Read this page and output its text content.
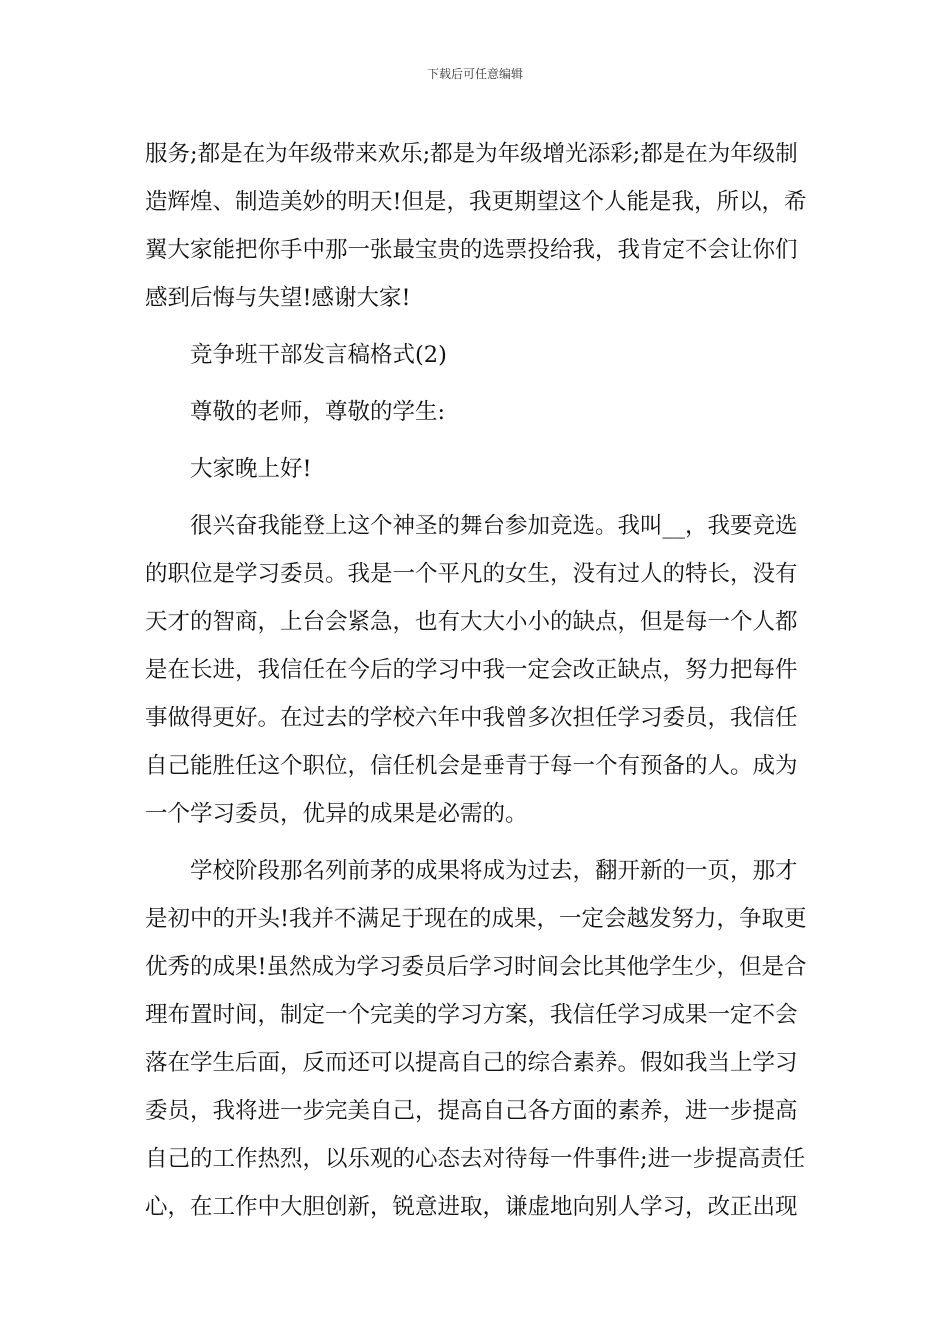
下载后可任意编辑
服务;都是在为年级带来欢乐;都是为年级增光添彩;都是在为年级制
造辉煌、制造美妙的明天!但是，我更期望这个人能是我，所以，希
翼大家能把你手中那一张最宝贵的选票投给我，我肯定不会让你们
感到后悔与失望!感谢大家!
竞争班干部发言稿格式(2)
尊敬的老师，尊敬的学生:
大家晚上好!
很兴奋我能登上这个神圣的舞台参加竞选。我叫__，我要竞选
的职位是学习委员。我是一个平凡的女生，没有过人的特长，没有
天才的智商，上台会紧急，也有大大小小的缺点，但是每一个人都
是在长进，我信任在今后的学习中我一定会改正缺点，努力把每件
事做得更好。在过去的学校六年中我曾多次担任学习委员，我信任
自己能胜任这个职位，信任机会是垂青于每一个有预备的人。成为
一个学习委员，优异的成果是必需的。
学校阶段那名列前茅的成果将成为过去，翻开新的一页，那才
是初中的开头!我并不满足于现在的成果，一定会越发努力，争取更
优秀的成果!虽然成为学习委员后学习时间会比其他学生少，但是合
理布置时间，制定一个完美的学习方案，我信任学习成果一定不会
落在学生后面，反而还可以提高自己的综合素养。假如我当上学习
委员，我将进一步完美自己，提高自己各方面的素养，进一步提高
自己的工作热烈，以乐观的心态去对待每一件事件;进一步提高责任
心，在工作中大胆创新，锐意进取，谦虚地向别人学习，改正出现
